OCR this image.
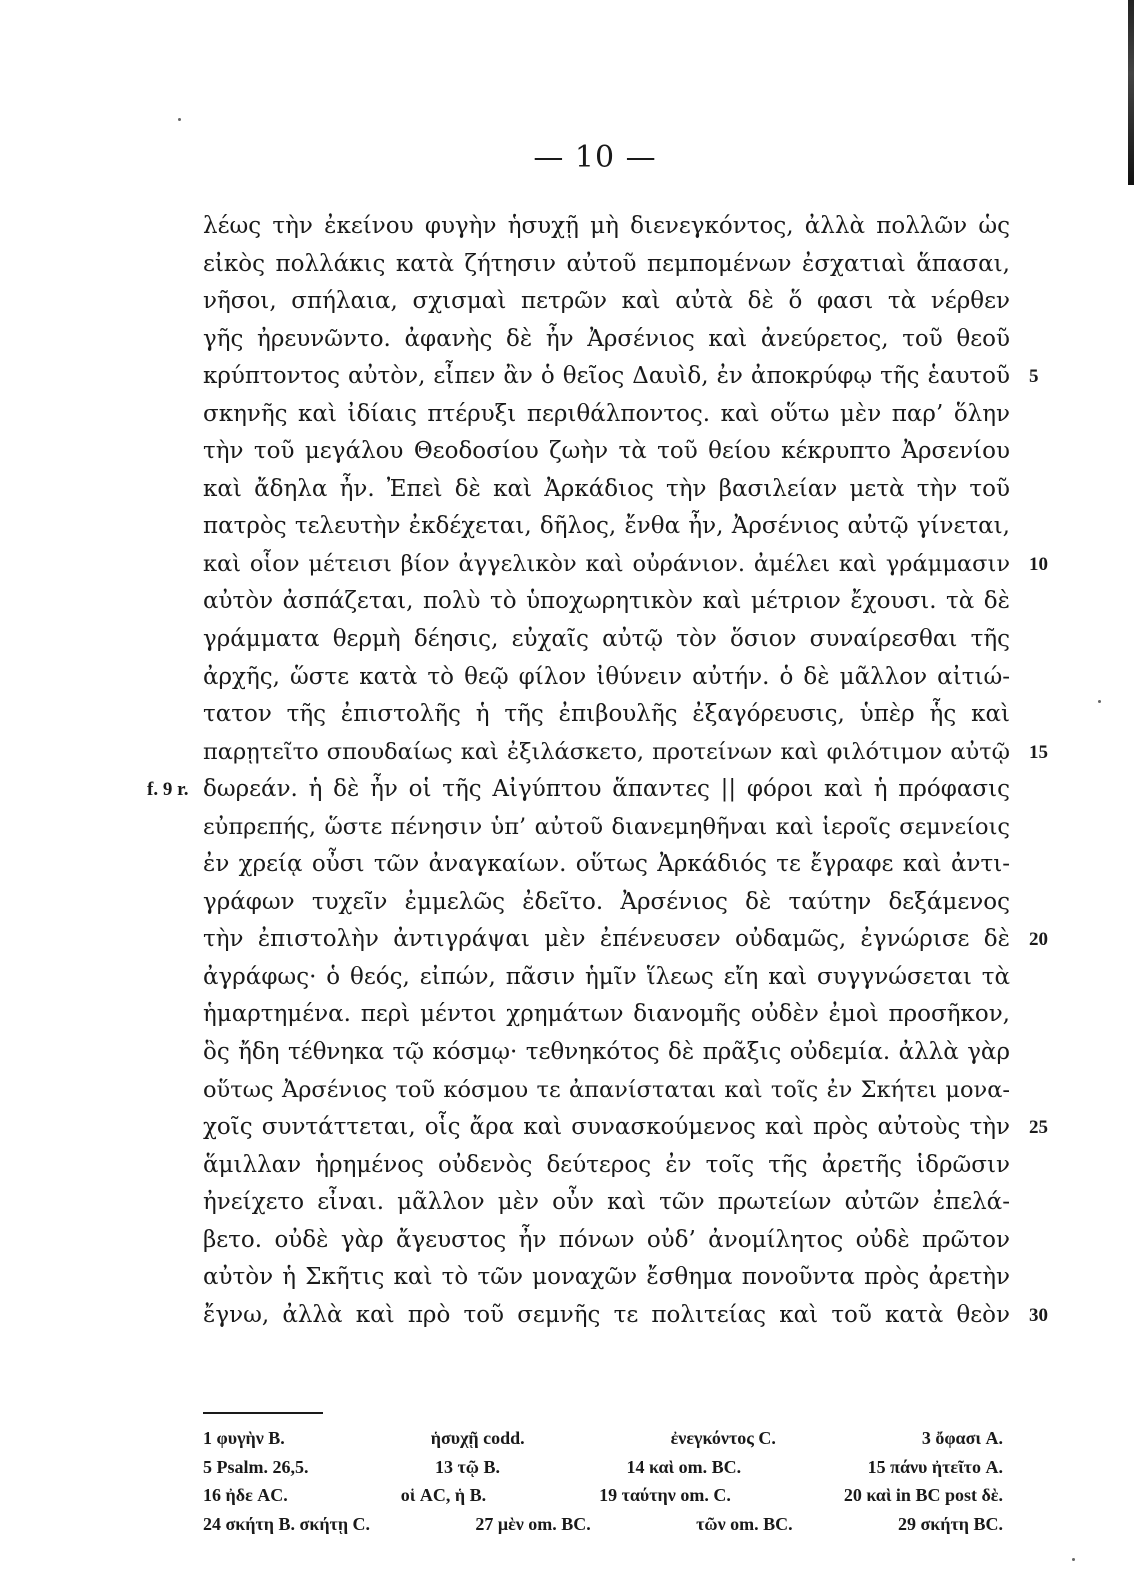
— 10 —
λέως τὴν ἐκείνου φυγὴν ἡσυχῇ μὴ διενεγκόντος, ἀλλὰ πολλῶν ὡς
εἰκὸς πολλάκις κατὰ ζήτησιν αὐτοῦ πεμπομένων ἐσχατιαὶ ἅπασαι,
νῆσοι, σπήλαια, σχισμαὶ πετρῶν καὶ αὐτὰ δὲ ὅ φασι τὰ νέρθεν
γῆς ἠρευνῶντο. ἀφανὴς δὲ ἦν Ἀρσένιος καὶ ἀνεύρετος, τοῦ θεοῦ
κρύπτοντος αὐτὸν, εἶπεν ἂν ὁ θεῖος Δαυὶδ, ἐν ἀποκρύφῳ τῆς ἑαυτοῦ 5
σκηνῆς καὶ ἰδίαις πτέρυξι περιθάλποντος. καὶ οὕτω μὲν παρ’ ὅλην
τὴν τοῦ μεγάλου Θεοδοσίου ζωὴν τὰ τοῦ θείου κέκρυπτο Ἀρσενίου
καὶ ἄδηλα ἦν. Ἐπεὶ δὲ καὶ Ἀρκάδιος τὴν βασιλείαν μετὰ τὴν τοῦ
πατρὸς τελευτὴν ἐκδέχεται, δῆλος, ἔνθα ἦν, Ἀρσένιος αὐτῷ γίνεται,
καὶ οἷον μέτεισι βίον ἀγγελικὸν καὶ οὐράνιον. ἀμέλει καὶ γράμμασιν 10
αὐτὸν ἀσπάζεται, πολὺ τὸ ὑποχωρητικὸν καὶ μέτριον ἔχουσι. τὰ δὲ
γράμματα θερμὴ δέησις, εὐχαῖς αὐτῷ τὸν ὅσιον συναίρεσθαι τῆς
ἀρχῆς, ὥστε κατὰ τὸ θεῷ φίλον ἰθύνειν αὐτήν. ὁ δὲ μᾶλλον αἰτιώ-
τατον τῆς ἐπιστολῆς ἡ τῆς ἐπιβουλῆς ἐξαγόρευσις, ὑπὲρ ἧς καὶ
παρῃτεῖτο σπουδαίως καὶ ἐξιλάσκετο, προτείνων καὶ φιλότιμον αὐτῷ 15
δωρεάν. ἡ δὲ ἦν οἱ τῆς Αἰγύπτου ἅπαντες || φόροι καὶ ἡ πρόφασις
f. 9 r.
εὐπρεπής, ὥστε πένησιν ὑπ’ αὐτοῦ διανεμηθῆναι καὶ ἱεροῖς σεμνείοις
ἐν χρείᾳ οὖσι τῶν ἀναγκαίων. οὕτως Ἀρκάδιός τε ἔγραφε καὶ ἀντι-
γράφων τυχεῖν ἐμμελῶς ἐδεῖτο. Ἀρσένιος δὲ ταύτην δεξάμενος
τὴν ἐπιστολὴν ἀντιγράψαι μὲν ἐπένευσεν οὐδαμῶς, ἐγνώρισε δὲ 20
ἀγράφως· ὁ θεός, εἰπών, πᾶσιν ἡμῖν ἵλεως εἴη καὶ συγγνώσεται τὰ
ἡμαρτημένα. περὶ μέντοι χρημάτων διανομῆς οὐδὲν ἐμοὶ προσῆκον,
ὃς ἤδη τέθνηκα τῷ κόσμῳ· τεθνηκότος δὲ πρᾶξις οὐδεμία. ἀλλὰ γὰρ
οὕτως Ἀρσένιος τοῦ κόσμου τε ἀπανίσταται καὶ τοῖς ἐν Σκήτει μονα-
χοῖς συντάττεται, οἷς ἄρα καὶ συνασκούμενος καὶ πρὸς αὐτοὺς τὴν 25
ἅμιλλαν ἡρημένος οὐδενὸς δεύτερος ἐν τοῖς τῆς ἀρετῆς ἱδρῶσιν
ἠνείχετο εἶναι. μᾶλλον μὲν οὖν καὶ τῶν πρωτείων αὐτῶν ἐπελά-
βετο. οὐδὲ γὰρ ἄγευστος ἦν πόνων οὐδ’ ἀνομίλητος οὐδὲ πρῶτον
αὐτὸν ἡ Σκῆτις καὶ τὸ τῶν μοναχῶν ἔσθημα πονοῦντα πρὸς ἀρετὴν
ἔγνω, ἀλλὰ καὶ πρὸ τοῦ σεμνῆς τε πολιτείας καὶ τοῦ κατὰ θεὸν 30
1 φυγὴν B.	ἡσυχῇ codd.	ἐνεγκόντος C.	3 ὄφασι A.
5 Psalm. 26,5.	13 τῷ B.	14 καὶ om. BC.	15 πάνυ ἠτεῖτο A.
16 ἠδε AC.	οἱ AC, ἡ B.	19 ταύτην om. C.	20 καὶ in BC post δὲ.
24 σκήτη B. σκήτῃ C.	27 μὲν om. BC.	τῶν om. BC.	29 σκήτη BC.
